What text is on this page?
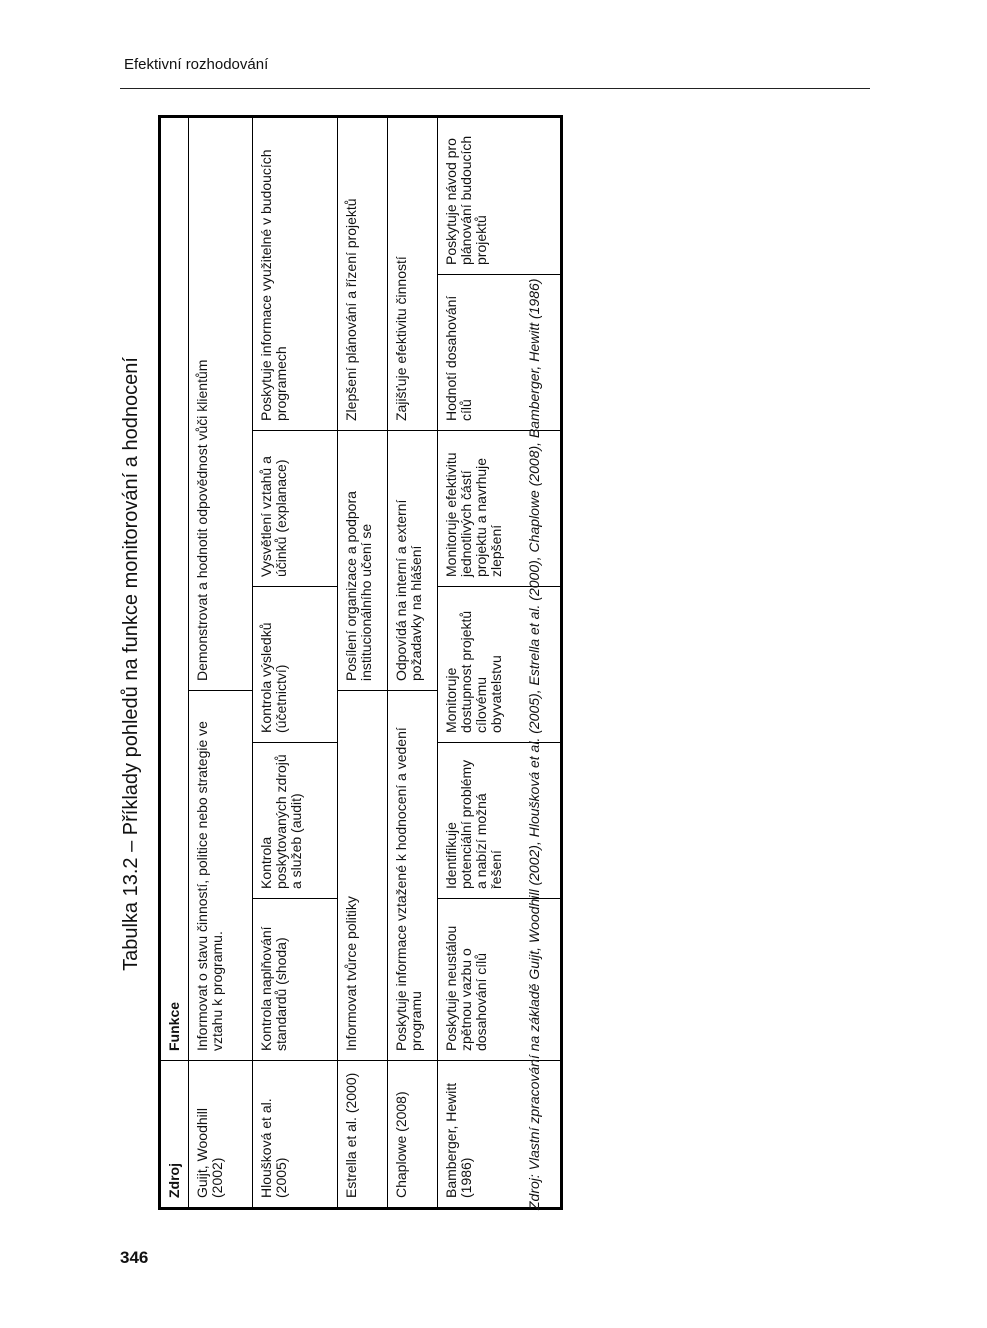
Efektivní rozhodování
346
Tabulka 13.2 – Příklady pohledů na funkce monitorování a hodnocení
Zdroj	Funkce						
Guijt, Woodhill (2002)	Informovat o stavu činností, politice nebo strategie ve vztahu k programu.			Demonstrovat a hodnotit odpovědnost vůči klientům			
Hloušková et al. (2005)	Kontrola naplňování standardů (shoda)	Kontrola poskytovaných zdrojů a služeb (audit)	Kontrola výsledků (účetnictví)		Vysvětlení vztahů a účinků (explanace)	Poskytuje informace využitelné v budoucích programech	
Estrella et al. (2000)	Informovat tvůrce politiky			Posílení organizace a podpora institucionálního učení se		Zlepšení plánování a řízení projektů	
Chaplowe (2008)	Poskytuje informace vztažené k hodnocení a vedení programu			Odpovídá na interní a externí požadavky na hlášení		Zajišťuje efektivitu činností	
Bamberger, Hewitt (1986)	Poskytuje neustálou zpětnou vazbu o dosahování cílů	Identifikuje potenciální problémy a nabízí možná řešení	Monitoruje dostupnost projektů cílovému obyvatelstvu		Monitoruje efektivitu jednotlivých částí projektu a navrhuje zlepšení	Hodnotí dosahování cílů	Poskytuje návod pro plánování budoucích projektů
Zdroj: Vlastní zpracování na základě Guijt, Woodhill (2002), Hloušková et al. (2005), Estrella et al. (2000), Chaplowe (2008), Bamberger, Hewitt (1986)
